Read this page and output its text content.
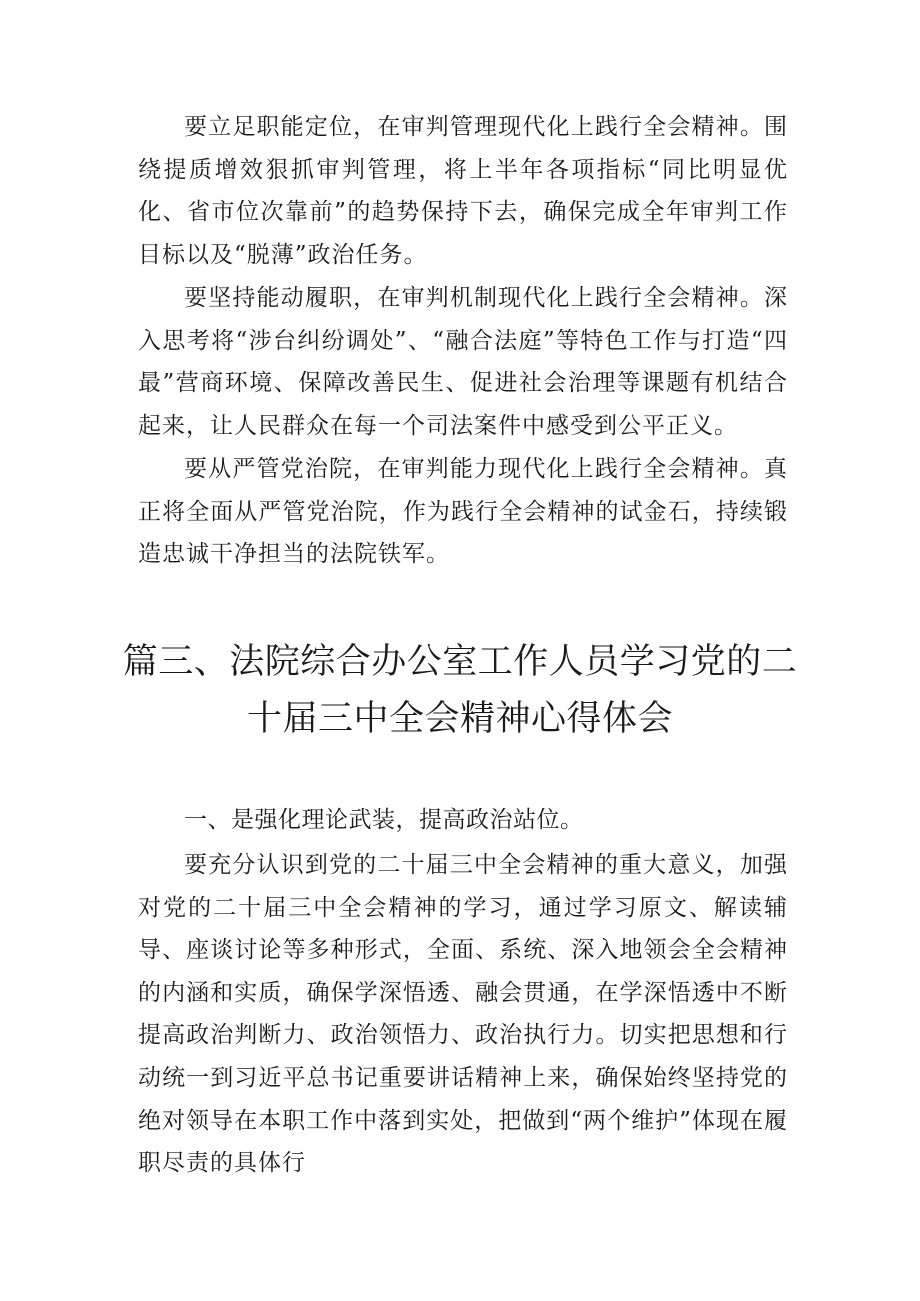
要立足职能定位，在审判管理现代化上践行全会精神。围绕提质增效狠抓审判管理，将上半年各项指标“同比明显优化、省市位次靠前”的趋势保持下去，确保完成全年审判工作目标以及“脱薄”政治任务。

要坚持能动履职，在审判机制现代化上践行全会精神。深入思考将“涉台纠纷调处”、“融合法庭”等特色工作与打造“四最”营商环境、保障改善民生、促进社会治理等课题有机结合起来，让人民群众在每一个司法案件中感受到公平正义。

要从严管党治院，在审判能力现代化上践行全会精神。真正将全面从严管党治院，作为践行全会精神的试金石，持续锻造忠诚干净担当的法院铁军。

篇三、法院综合办公室工作人员学习党的二
十届三中全会精神心得体会
一、是强化理论武装，提高政治站位。

要充分认识到党的二十届三中全会精神的重大意义，加强对党的二十届三中全会精神的学习，通过学习原文、解读辅导、座谈讨论等多种形式，全面、系统、深入地领会全会精神的内涵和实质，确保学深悟透、融会贯通，在学深悟透中不断提高政治判断力、政治领悟力、政治执行力。切实把思想和行动统一到习近平总书记重要讲话精神上来，确保始终坚持党的绝对领导在本职工作中落到实处，把做到“两个维护”体现在履职尽责的具体行
